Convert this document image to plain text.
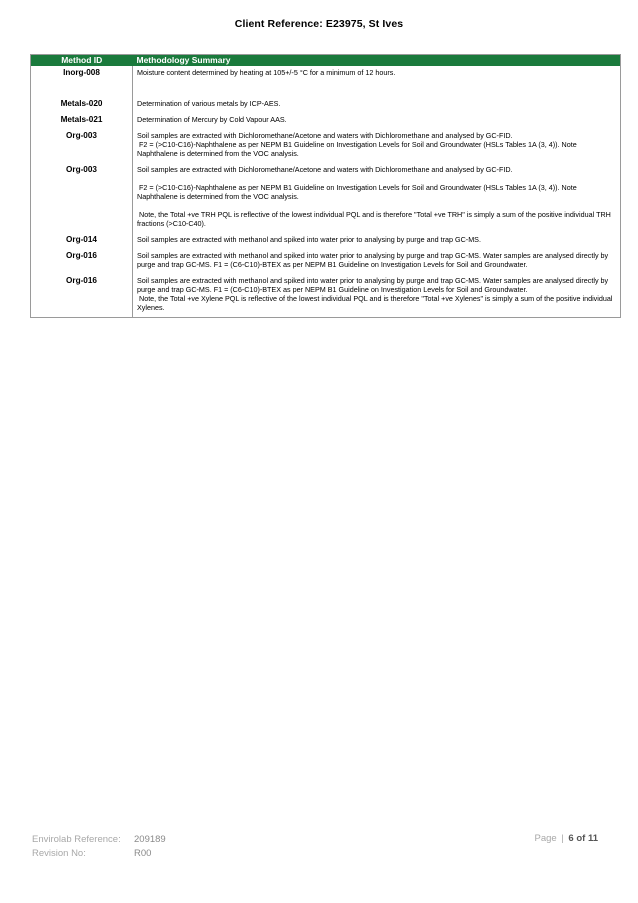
Client Reference: E23975, St Ives
Method ID	Methodology Summary
Inorg-008	Moisture content determined by heating at 105+/-5 °C for a minimum of 12 hours.

Metals-020	Determination of various metals by ICP-AES.

Metals-021	Determination of Mercury by Cold Vapour AAS.

Org-003	Soil samples are extracted with Dichloromethane/Acetone and waters with Dichloromethane and analysed by GC-FID.
F2 = (>C10-C16)-Naphthalene as per NEPM B1 Guideline on Investigation Levels for Soil and Groundwater (HSLs Tables 1A (3, 4)). Note Naphthalene is determined from the VOC analysis.

Org-003	Soil samples are extracted with Dichloromethane/Acetone and waters with Dichloromethane and analysed by GC-FID.
F2 = (>C10-C16)-Naphthalene as per NEPM B1 Guideline on Investigation Levels for Soil and Groundwater (HSLs Tables 1A (3, 4)). Note Naphthalene is determined from the VOC analysis.
Note, the Total +ve TRH PQL is reflective of the lowest individual PQL and is therefore "Total +ve TRH" is simply a sum of the positive individual TRH fractions (>C10-C40).

Org-014	Soil samples are extracted with methanol and spiked into water prior to analysing by purge and trap GC-MS.

Org-016	Soil samples are extracted with methanol and spiked into water prior to analysing by purge and trap GC-MS. Water samples are analysed directly by purge and trap GC-MS. F1 = (C6-C10)-BTEX as per NEPM B1 Guideline on Investigation Levels for Soil and Groundwater.

Org-016	Soil samples are extracted with methanol and spiked into water prior to analysing by purge and trap GC-MS. Water samples are analysed directly by purge and trap GC-MS. F1 = (C6-C10)-BTEX as per NEPM B1 Guideline on Investigation Levels for Soil and Groundwater.
Note, the Total +ve Xylene PQL is reflective of the lowest individual PQL and is therefore "Total +ve Xylenes" is simply a sum of the positive individual Xylenes.
Envirolab Reference: 209189
Revision No:	R00
Page | 6 of 11
